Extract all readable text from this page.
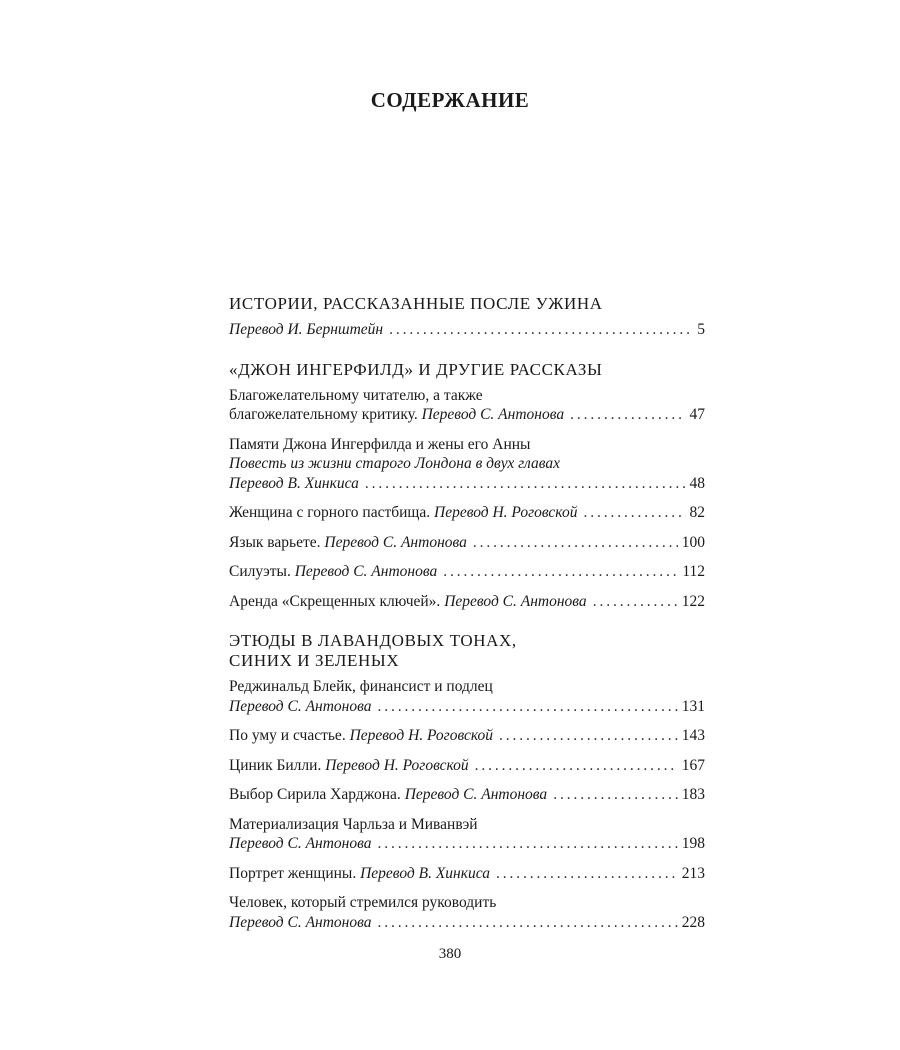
СОДЕРЖАНИЕ
ИСТОРИИ, РАССКАЗАННЫЕ ПОСЛЕ УЖИНА
Перевод И. Бернштейн . . .	5
«ДЖОН ИНГЕРФИЛД» И ДРУГИЕ РАССКАЗЫ
Благожелательному читателю, а также
благожелательному критику. Перевод С. Антонова . . .	47
Памяти Джона Ингерфилда и жены его Анны
Повесть из жизни старого Лондона в двух главах
Перевод В. Хинкиса . . .	48
Женщина с горного пастбища. Перевод Н. Роговской . . .	82
Язык варьете. Перевод С. Антонова . . .	100
Силуэты. Перевод С. Антонова . . .	112
Аренда «Скрещенных ключей». Перевод С. Антонова . . .	122
ЭТЮДЫ В ЛАВАНДОВЫХ ТОНАХ,
СИНИХ И ЗЕЛЕНЫХ
Реджинальд Блейк, финансист и подлец
Перевод С. Антонова . . .	131
По уму и счастье. Перевод Н. Роговской . . .	143
Циник Билли. Перевод Н. Роговской . . .	167
Выбор Сирила Харджона. Перевод С. Антонова . . .	183
Материализация Чарльза и Миванвэй
Перевод С. Антонова . . .	198
Портрет женщины. Перевод В. Хинкиса . . .	213
Человек, который стремился руководить
Перевод С. Антонова . . .	228
380
